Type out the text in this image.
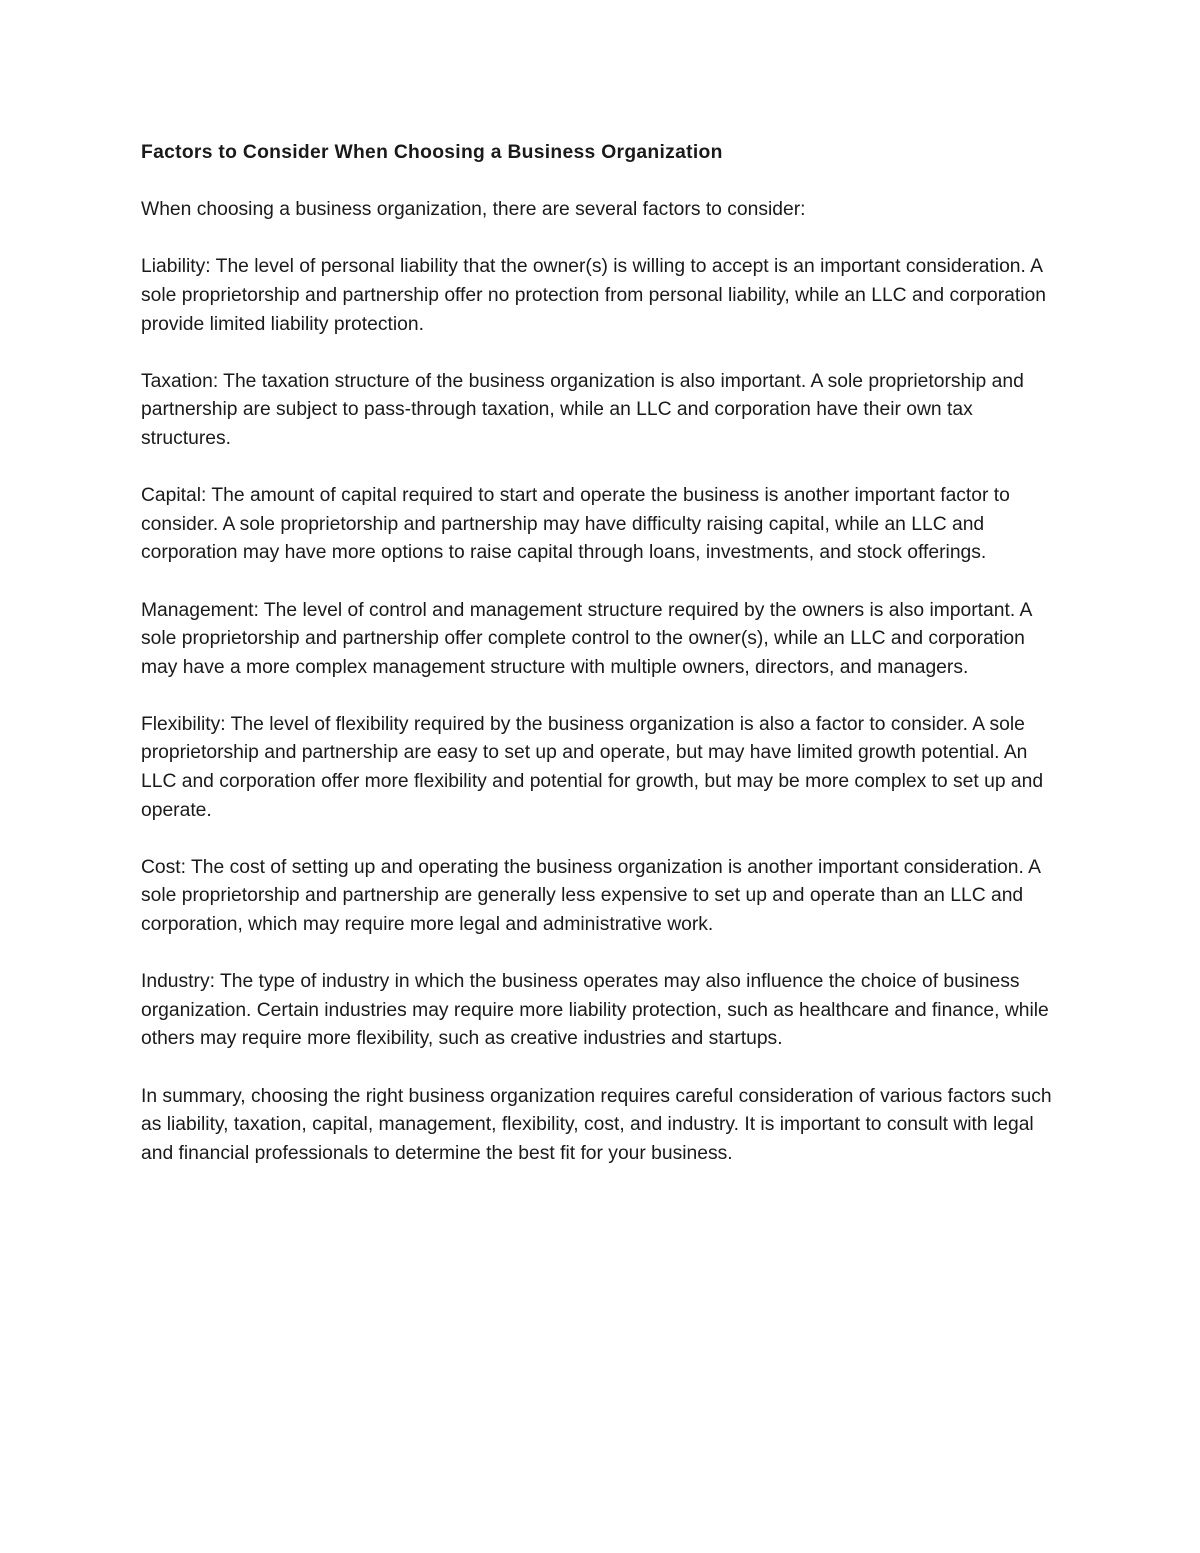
Factors to Consider When Choosing a Business Organization
When choosing a business organization, there are several factors to consider:
Liability: The level of personal liability that the owner(s) is willing to accept is an important consideration. A sole proprietorship and partnership offer no protection from personal liability, while an LLC and corporation provide limited liability protection.
Taxation: The taxation structure of the business organization is also important. A sole proprietorship and partnership are subject to pass-through taxation, while an LLC and corporation have their own tax structures.
Capital: The amount of capital required to start and operate the business is another important factor to consider. A sole proprietorship and partnership may have difficulty raising capital, while an LLC and corporation may have more options to raise capital through loans, investments, and stock offerings.
Management: The level of control and management structure required by the owners is also important. A sole proprietorship and partnership offer complete control to the owner(s), while an LLC and corporation may have a more complex management structure with multiple owners, directors, and managers.
Flexibility: The level of flexibility required by the business organization is also a factor to consider. A sole proprietorship and partnership are easy to set up and operate, but may have limited growth potential. An LLC and corporation offer more flexibility and potential for growth, but may be more complex to set up and operate.
Cost: The cost of setting up and operating the business organization is another important consideration. A sole proprietorship and partnership are generally less expensive to set up and operate than an LLC and corporation, which may require more legal and administrative work.
Industry: The type of industry in which the business operates may also influence the choice of business organization. Certain industries may require more liability protection, such as healthcare and finance, while others may require more flexibility, such as creative industries and startups.
In summary, choosing the right business organization requires careful consideration of various factors such as liability, taxation, capital, management, flexibility, cost, and industry. It is important to consult with legal and financial professionals to determine the best fit for your business.
